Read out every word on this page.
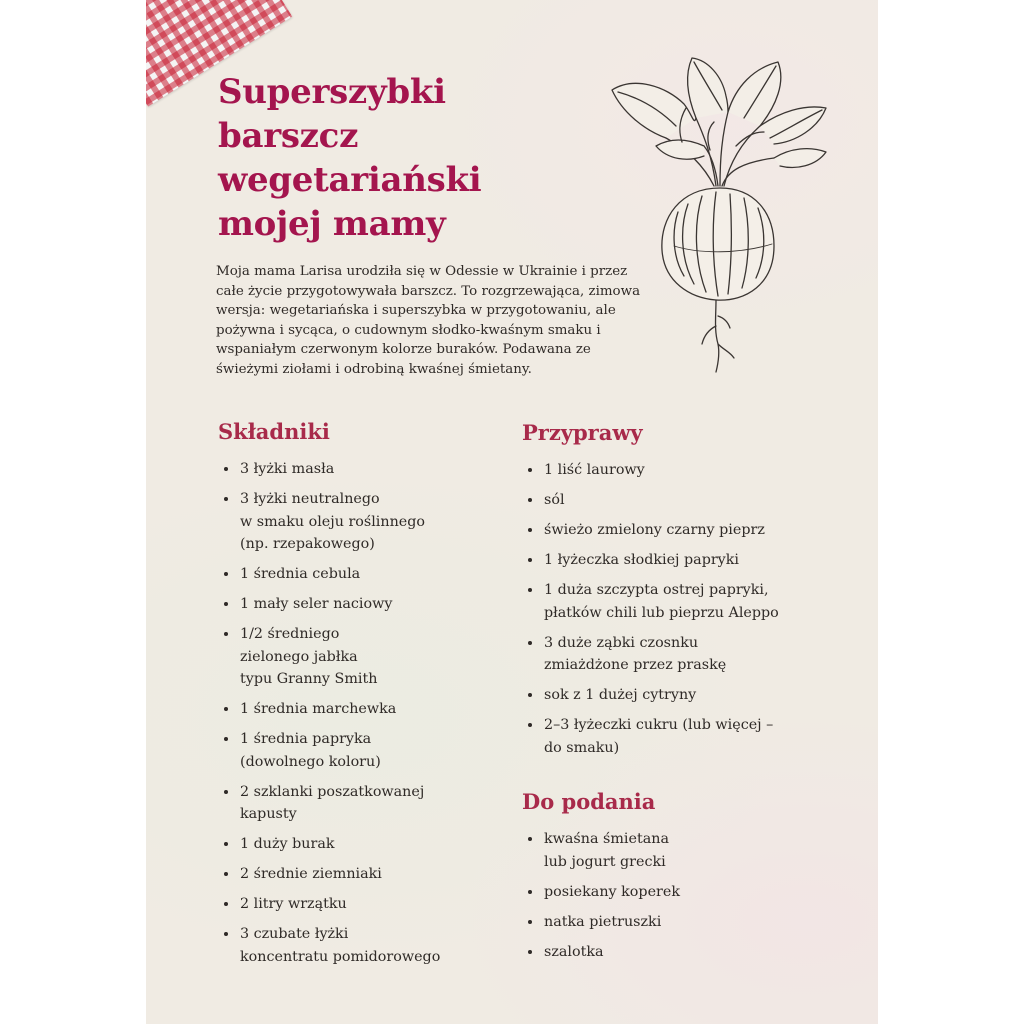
Superszybki barszcz wegetariański mojej mamy

Moja mama Larisa urodziła się w Odessie w Ukrainie i przez całe życie przygotowywała barszcz. To rozgrzewająca, zimowa wersja: wegetariańska i superszybka w przygotowaniu, ale pożywna i sycąca, o cudownym słodko-kwaśnym smaku i wspaniałym czerwonym kolorze buraków. Podawana ze świeżymi ziołami i odrobiną kwaśnej śmietany.

Składniki
3 łyżki masła
3 łyżki neutralnego
w smaku oleju roślinnego
(np. rzepakowego)
1 średnia cebula
1 mały seler naciowy
1/2 średniego
zielonego jabłka
typu Granny Smith
1 średnia marchewka
1 średnia papryka
(dowolnego koloru)
2 szklanki poszatkowanej
kapusty
1 duży burak
2 średnie ziemniaki
2 litry wrzątku
3 czubate łyżki
koncentratu pomidorowego
Przyprawy
1 liść laurowy
sól
świeżo zmielony czarny pieprz
1 łyżeczka słodkiej papryki
1 duża szczypta ostrej papryki,
płatków chili lub pieprzu Aleppo
3 duże ząbki czosnku
zmiażdżone przez praskę
sok z 1 dużej cytryny
2–3 łyżeczki cukru (lub więcej –
do smaku)
Do podania
kwaśna śmietana
lub jogurt grecki
posiekany koperek
natka pietruszki
szalotka
